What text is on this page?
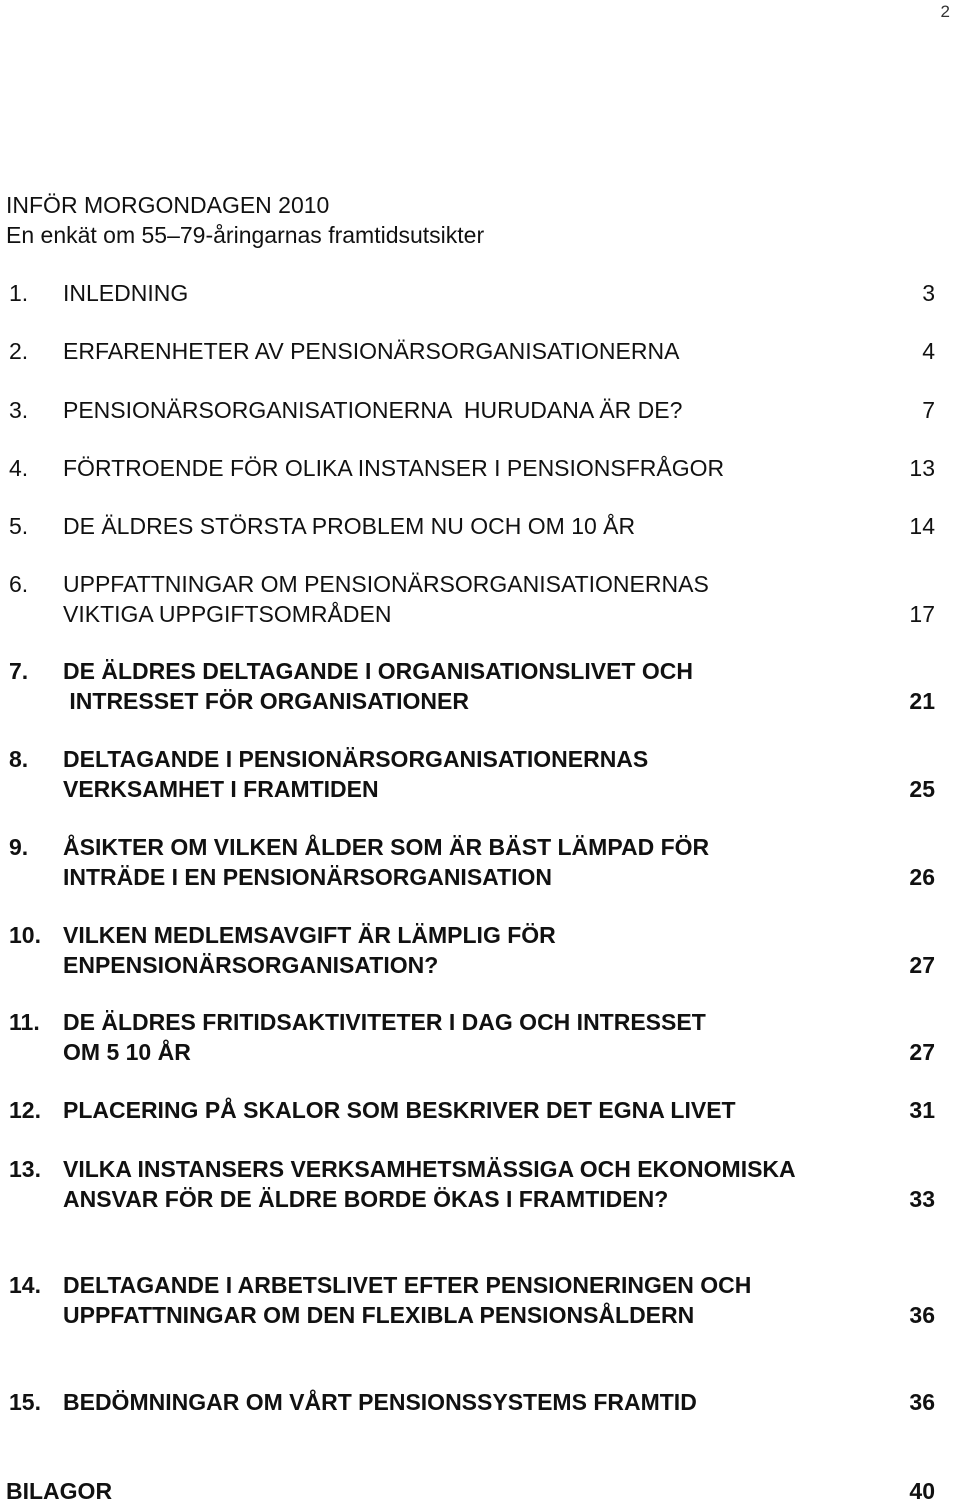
2
INFÖR MORGONDAGEN 2010
En enkät om 55–79-åringarnas framtidsutsikter
1. INLEDNING	3
2. ERFARENHETER AV PENSIONÄRSORGANISATIONERNA	4
3. PENSIONÄRSORGANISATIONERNA  HURUDANA ÄR DE?	7
4. FÖRTROENDE FÖR OLIKA INSTANSER I PENSIONSFRÅGOR	13
5. DE ÄLDRES STÖRSTA PROBLEM NU OCH OM 10 ÅR	14
6. UPPFATTNINGAR OM PENSIONÄRSORGANISATIONERNAS
VIKTIGA UPPGIFTSOMRÅDEN	17
7. DE ÄLDRES DELTAGANDE I ORGANISATIONSLIVET OCH
INTRESSET FÖR ORGANISATIONER	21
8. DELTAGANDE I PENSIONÄRSORGANISATIONERNAS
VERKSAMHET I FRAMTIDEN	25
9. ÅSIKTER OM VILKEN ÅLDER SOM ÄR BÄST LÄMPAD FÖR
INTRÄDE I EN PENSIONÄRSORGANISATION	26
10. VILKEN MEDLEMSAVGIFT ÄR LÄMPLIG FÖR
ENPENSIONÄRSORGANISATION?	27
11. DE ÄLDRES FRITIDSAKTIVITETER I DAG OCH INTRESSET
OM 5 10 ÅR	27
12. PLACERING PÅ SKALOR SOM BESKRIVER DET EGNA LIVET	31
13. VILKA INSTANSERS VERKSAMHETSMÄSSIGA OCH EKONOMISKA
ANSVAR FÖR DE ÄLDRE BORDE ÖKAS I FRAMTIDEN?	33
14. DELTAGANDE I ARBETSLIVET EFTER PENSIONERINGEN OCH
UPPFATTNINGAR OM DEN FLEXIBLA PENSIONSÅLDERN	36
15. BEDÖMNINGAR OM VÅRT PENSIONSSYSTEMS FRAMTID	36
BILAGOR	40
